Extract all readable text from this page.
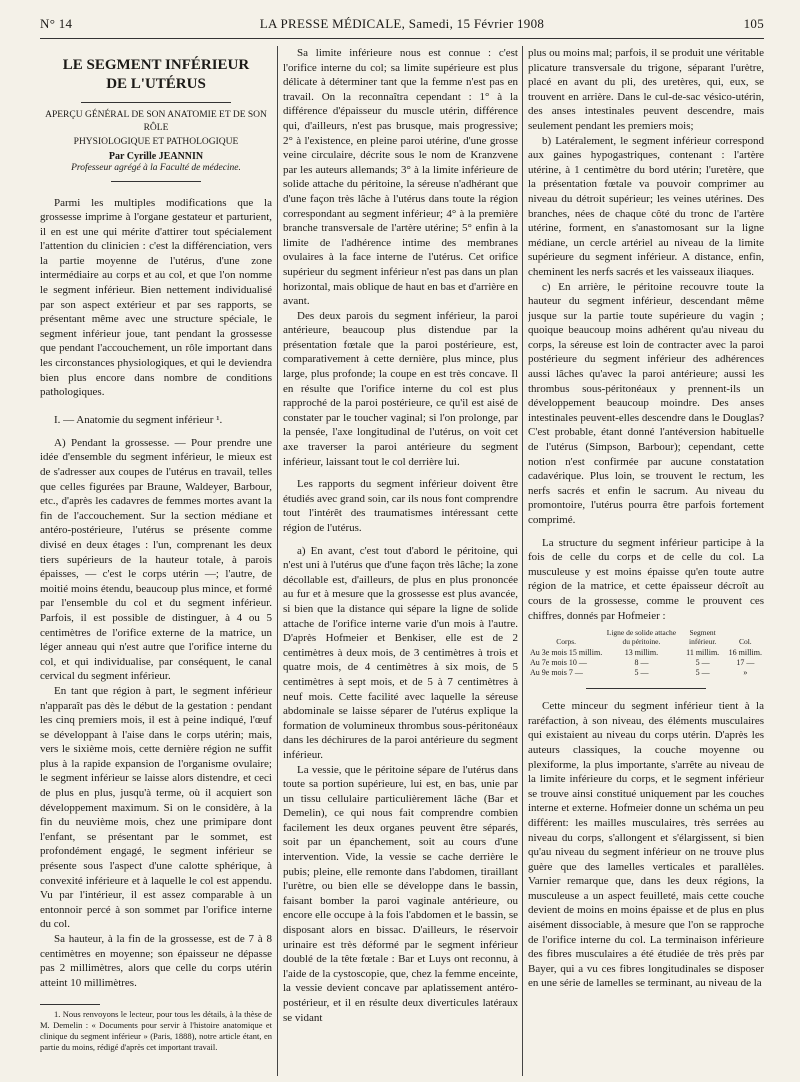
N° 14	LA PRESSE MÉDICALE, Samedi, 15 Février 1908	105
LE SEGMENT INFÉRIEUR
DE L'UTÉRUS
APERÇU GÉNÉRAL DE SON ANATOMIE ET DE SON RÔLE
PHYSIOLOGIQUE ET PATHOLOGIQUE
Par Cyrille JEANNIN
Professeur agrégé à la Faculté de médecine.

Parmi les multiples modifications que la grossesse imprime à l'organe gestateur et parturient, il en est une qui mérite d'attirer tout spécialement l'attention du clinicien : c'est la différenciation, vers la partie moyenne de l'utérus, d'une zone intermédiaire au corps et au col, et que l'on nomme le segment inférieur. Bien nettement individualisé par son aspect extérieur et par ses rapports, se présentant même avec une structure spéciale, le segment inférieur joue, tant pendant la grossesse que pendant l'accouchement, un rôle important dans les circonstances physiologiques, et qui le deviendra bien plus encore dans nombre de conditions pathologiques.

I. — Anatomie du segment inférieur ¹.

A) Pendant la grossesse. — Pour prendre une idée d'ensemble du segment inférieur, le mieux est de s'adresser aux coupes de l'utérus en travail, telles que celles figurées par Braune, Waldeyer, Barbour, etc., d'après les cadavres de femmes mortes avant la fin de l'accouchement. Sur la section médiane et antéro-postérieure, l'utérus se présente comme divisé en deux étages : l'un, comprenant les deux tiers supérieurs de la hauteur totale, à parois épaisses, — c'est le corps utérin —; l'autre, de moitié moins étendu, beaucoup plus mince, et formé par l'ensemble du col et du segment inférieur. Parfois, il est possible de distinguer, à 4 ou 5 centimètres de l'orifice externe de la matrice, un léger anneau qui n'est autre que l'orifice interne du col, et qui individualise, par conséquent, le canal cervical du segment inférieur.

En tant que région à part, le segment inférieur n'apparaît pas dès le début de la gestation : pendant les cinq premiers mois, il est à peine indiqué, l'œuf se développant à l'aise dans le corps utérin; mais, vers le sixième mois, cette dernière région ne suffit plus à la rapide expansion de l'organisme ovulaire; le segment inférieur se laisse alors distendre, et ceci de plus en plus, jusqu'à terme, où il acquiert son développement maximum. Si on le considère, à la fin du neuvième mois, chez une primipare dont l'enfant, se présentant par le sommet, est profondément engagé, le segment inférieur se présente sous l'aspect d'une calotte sphérique, à convexité inférieure et à laquelle le col est appendu. Vu par l'intérieur, il est assez comparable à un entonnoir percé à son sommet par l'orifice interne du col.

Sa hauteur, à la fin de la grossesse, est de 7 à 8 centimètres en moyenne; son épaisseur ne dépasse pas 2 millimètres, alors que celle du corps utérin atteint 10 millimètres.

1. Nous renvoyons le lecteur, pour tous les détails, à la thèse de M. Demelin : « Documents pour servir à l'histoire anatomique et clinique du segment inférieur » (Paris, 1888), notre article étant, en partie du moins, rédigé d'après cet important travail.

Sa limite inférieure nous est connue : c'est l'orifice interne du col; sa limite supérieure est plus délicate à déterminer tant que la femme n'est pas en travail. On la reconnaîtra cependant : 1° à la différence d'épaisseur du muscle utérin, différence qui, d'ailleurs, n'est pas brusque, mais progressive; 2° à l'existence, en pleine paroi utérine, d'une grosse veine circulaire, décrite sous le nom de Kranzvene par les auteurs allemands; 3° à la limite inférieure de solide attache du péritoine, la séreuse n'adhérant que d'une façon très lâche à l'utérus dans toute la région correspondant au segment inférieur; 4° à la première branche transversale de l'artère utérine; 5° enfin à la limite de l'adhérence intime des membranes ovulaires à la face interne de l'utérus. Cet orifice supérieur du segment inférieur n'est pas dans un plan horizontal, mais oblique de haut en bas et d'arrière en avant.

Des deux parois du segment inférieur, la paroi antérieure, beaucoup plus distendue par la présentation fœtale que la paroi postérieure, est, comparativement à cette dernière, plus mince, plus large, plus profonde; la coupe en est très concave. Il en résulte que l'orifice interne du col est plus rapproché de la paroi postérieure, ce qu'il est aisé de constater par le toucher vaginal; si l'on prolonge, par la pensée, l'axe longitudinal de l'utérus, on voit cet axe traverser la paroi antérieure du segment inférieur, laissant tout le col derrière lui.

Les rapports du segment inférieur doivent être étudiés avec grand soin, car ils nous font comprendre tout l'intérêt des traumatismes intéressant cette région de l'utérus.

a) En avant, c'est tout d'abord le péritoine, qui n'est uni à l'utérus que d'une façon très lâche; la zone décollable est, d'ailleurs, de plus en plus prononcée au fur et à mesure que la grossesse est plus avancée, si bien que la distance qui sépare la ligne de solide attache de l'orifice interne varie d'un mois à l'autre. D'après Hofmeier et Benkiser, elle est de 2 centimètres à deux mois, de 3 centimètres à trois et quatre mois, de 4 centimètres à six mois, de 5 centimètres à sept mois, et de 5 à 7 centimètres à neuf mois. Cette facilité avec laquelle la séreuse abdominale se laisse séparer de l'utérus explique la formation de volumineux thrombus sous-péritonéaux dans les déchirures de la paroi antérieure du segment inférieur.

La vessie, que le péritoine sépare de l'utérus dans toute sa portion supérieure, lui est, en bas, unie par un tissu cellulaire particulièrement lâche (Bar et Demelin), ce qui nous fait comprendre combien facilement les deux organes peuvent être séparés, soit par un épanchement, soit au cours d'une intervention. Vide, la vessie se cache derrière le pubis; pleine, elle remonte dans l'abdomen, tiraillant l'urètre, ou bien elle se développe dans le bassin, faisant bomber la paroi vaginale antérieure, ou encore elle occupe à la fois l'abdomen et le bassin, se disposant alors en bissac. D'ailleurs, le réservoir urinaire est très déformé par le segment inférieur doublé de la tête fœtale : Bar et Luys ont reconnu, à l'aide de la cystoscopie, que, chez la femme enceinte, la vessie devient concave par aplatissement antéro-postérieur, et il en résulte deux diverticules latéraux se vidant

plus ou moins mal; parfois, il se produit une véritable plicature transversale du trigone, séparant l'urètre, placé en avant du pli, des uretères, qui, eux, se trouvent en arrière. Dans le cul-de-sac vésico-utérin, des anses intestinales peuvent descendre, mais seulement pendant les premiers mois;

b) Latéralement, le segment inférieur correspond aux gaines hypogastriques, contenant : l'artère utérine, à 1 centimètre du bord utérin; l'uretère, que la présentation fœtale va pouvoir comprimer au niveau du détroit supérieur; les veines utérines. Des branches, nées de chaque côté du tronc de l'artère utérine, forment, en s'anastomosant sur la ligne médiane, un cercle artériel au niveau de la limite supérieure du segment inférieur. A distance, enfin, cheminent les nerfs sacrés et les vaisseaux iliaques.

c) En arrière, le péritoine recouvre toute la hauteur du segment inférieur, descendant même jusque sur la partie toute supérieure du vagin ; quoique beaucoup moins adhérent qu'au niveau du corps, la séreuse est loin de contracter avec la paroi postérieure du segment inférieur des adhérences aussi lâches qu'avec la paroi antérieure; aussi les thrombus sous-péritonéaux y prennent-ils un développement beaucoup moindre. Des anses intestinales peuvent-elles descendre dans le Douglas? C'est probable, étant donné l'antéversion habituelle de l'utérus (Simpson, Barbour); cependant, cette notion n'est confirmée par aucune constatation cadavérique. Plus loin, se trouvent le rectum, les nerfs sacrés et enfin le sacrum. Au niveau du promontoire, l'utérus pourra être parfois fortement comprimé.

La structure du segment inférieur participe à la fois de celle du corps et de celle du col. La musculeuse y est moins épaisse qu'en toute autre région de la matrice, et cette épaisseur décroît au cours de la grossesse, comme le prouvent ces chiffres, donnés par Hofmeier :

Corps.	Ligne de solide attache du péritoine.	Segment inférieur.	Col.
Au 3e mois 15 millim.	13 millim.	11 millim.	16 millim.
Au 7e mois 10 —	8 —	5 —	17 —
Au 9e mois 7 —	5 —	5 —	»

Cette minceur du segment inférieur tient à la raréfaction, à son niveau, des éléments musculaires qui existaient au niveau du corps utérin. D'après les auteurs classiques, la couche moyenne ou plexiforme, la plus importante, s'arrête au niveau de la limite inférieure du corps, et le segment inférieur se trouve ainsi constitué uniquement par les couches interne et externe. Hofmeier donne un schéma un peu différent: les mailles musculaires, très serrées au niveau du corps, s'allongent et s'élargissent, si bien qu'au niveau du segment inférieur on ne trouve plus guère que des lamelles verticales et parallèles. Varnier remarque que, dans les deux régions, la musculeuse a un aspect feuilleté, mais cette couche devient de moins en moins épaisse et de plus en plus aisément dissociable, à mesure que l'on se rapproche de l'orifice interne du col. La terminaison inférieure des fibres musculaires a été étudiée de très près par Bayer, qui a vu ces fibres longitudinales se disposer en une série de lamelles se terminant, au niveau de la
